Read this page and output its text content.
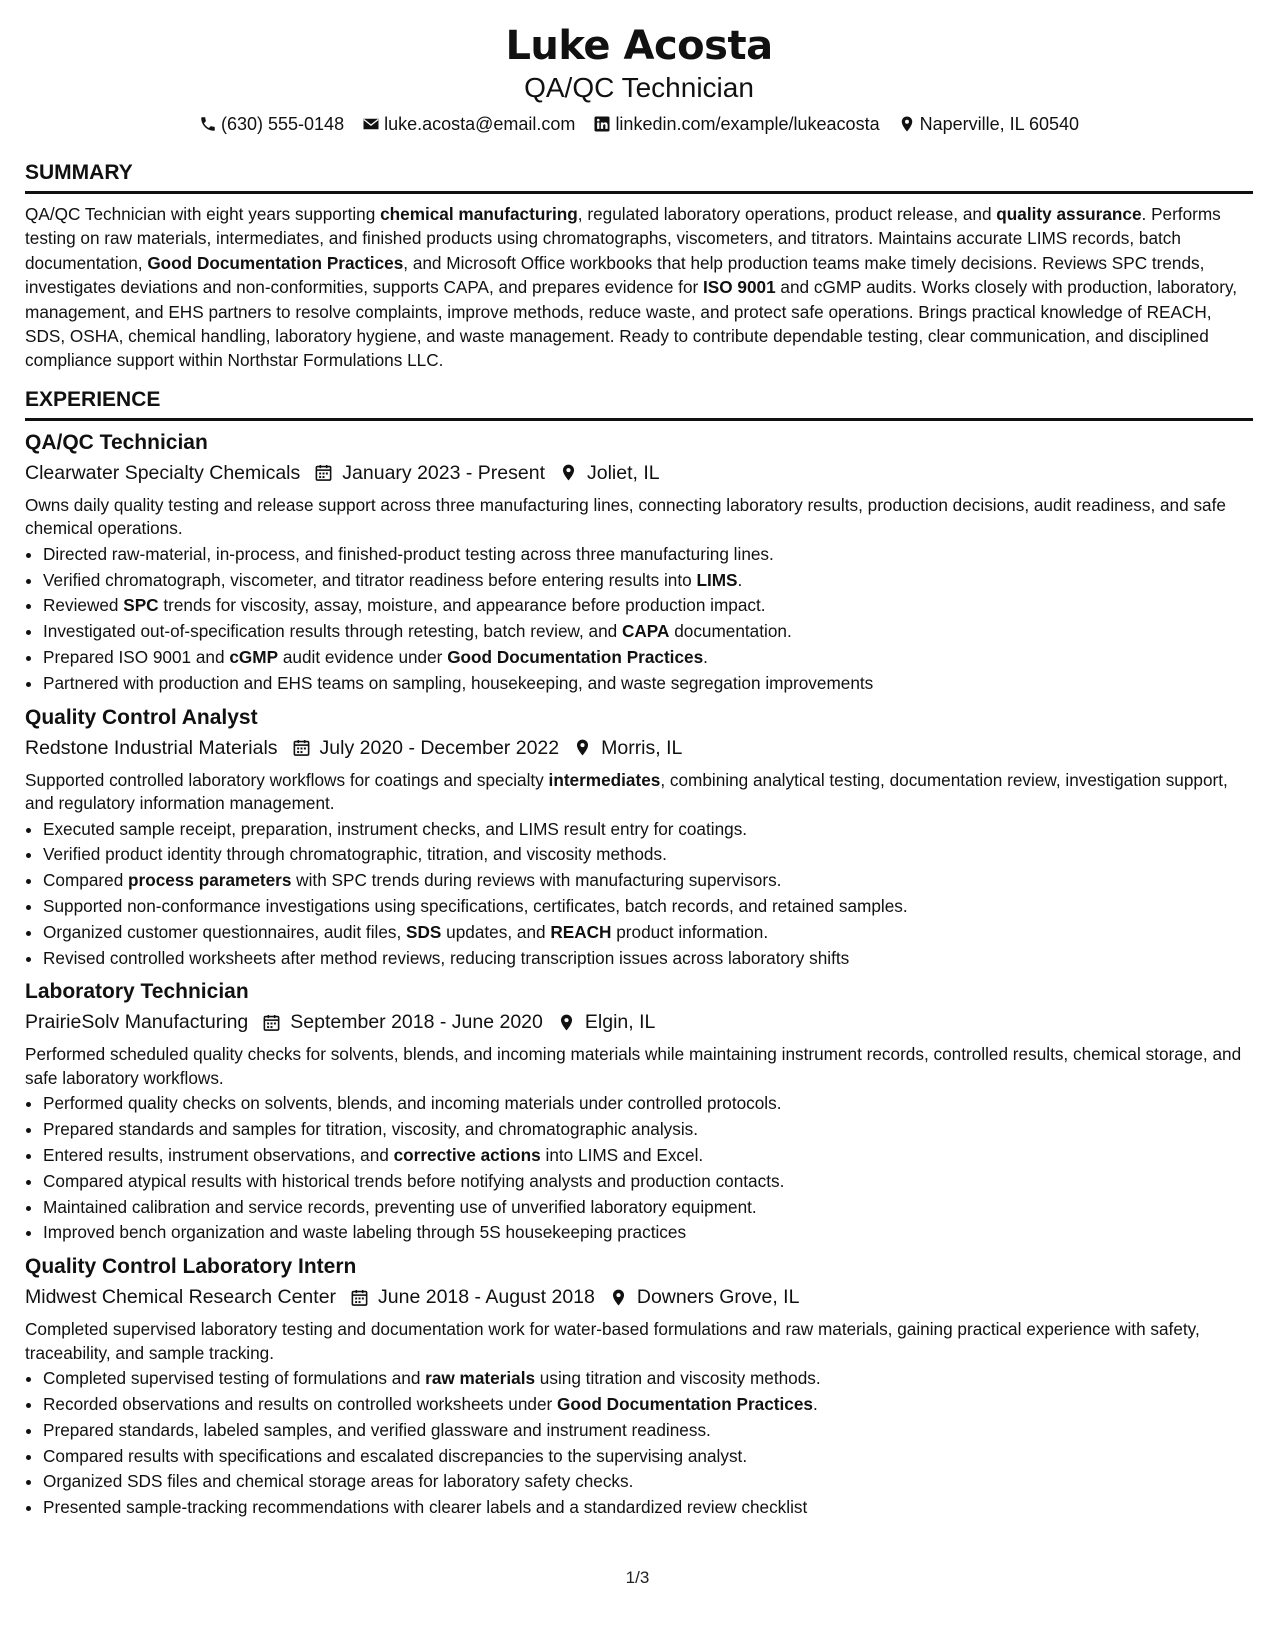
Luke Acosta
QA/QC Technician
(630) 555-0148 luke.acosta@email.com linkedin.com/example/lukeacosta Naperville, IL 60540
SUMMARY
QA/QC Technician with eight years supporting chemical manufacturing, regulated laboratory operations, product release, and quality assurance. Performs testing on raw materials, intermediates, and finished products using chromatographs, viscometers, and titrators. Maintains accurate LIMS records, batch documentation, Good Documentation Practices, and Microsoft Office workbooks that help production teams make timely decisions. Reviews SPC trends, investigates deviations and non-conformities, supports CAPA, and prepares evidence for ISO 9001 and cGMP audits. Works closely with production, laboratory, management, and EHS partners to resolve complaints, improve methods, reduce waste, and protect safe operations. Brings practical knowledge of REACH, SDS, OSHA, chemical handling, laboratory hygiene, and waste management. Ready to contribute dependable testing, clear communication, and disciplined compliance support within Northstar Formulations LLC.
EXPERIENCE
QA/QC Technician
Clearwater Specialty Chemicals January 2023 - Present Joliet, IL
Owns daily quality testing and release support across three manufacturing lines, connecting laboratory results, production decisions, audit readiness, and safe chemical operations.
• Directed raw-material, in-process, and finished-product testing across three manufacturing lines.
• Verified chromatograph, viscometer, and titrator readiness before entering results into LIMS.
• Reviewed SPC trends for viscosity, assay, moisture, and appearance before production impact.
• Investigated out-of-specification results through retesting, batch review, and CAPA documentation.
• Prepared ISO 9001 and cGMP audit evidence under Good Documentation Practices.
• Partnered with production and EHS teams on sampling, housekeeping, and waste segregation improvements
Quality Control Analyst
Redstone Industrial Materials July 2020 - December 2022 Morris, IL
Supported controlled laboratory workflows for coatings and specialty intermediates, combining analytical testing, documentation review, investigation support, and regulatory information management.
• Executed sample receipt, preparation, instrument checks, and LIMS result entry for coatings.
• Verified product identity through chromatographic, titration, and viscosity methods.
• Compared process parameters with SPC trends during reviews with manufacturing supervisors.
• Supported non-conformance investigations using specifications, certificates, batch records, and retained samples.
• Organized customer questionnaires, audit files, SDS updates, and REACH product information.
• Revised controlled worksheets after method reviews, reducing transcription issues across laboratory shifts
Laboratory Technician
PrairieSolv Manufacturing September 2018 - June 2020 Elgin, IL
Performed scheduled quality checks for solvents, blends, and incoming materials while maintaining instrument records, controlled results, chemical storage, and safe laboratory workflows.
• Performed quality checks on solvents, blends, and incoming materials under controlled protocols.
• Prepared standards and samples for titration, viscosity, and chromatographic analysis.
• Entered results, instrument observations, and corrective actions into LIMS and Excel.
• Compared atypical results with historical trends before notifying analysts and production contacts.
• Maintained calibration and service records, preventing use of unverified laboratory equipment.
• Improved bench organization and waste labeling through 5S housekeeping practices
Quality Control Laboratory Intern
Midwest Chemical Research Center June 2018 - August 2018 Downers Grove, IL
Completed supervised laboratory testing and documentation work for water-based formulations and raw materials, gaining practical experience with safety, traceability, and sample tracking.
• Completed supervised testing of formulations and raw materials using titration and viscosity methods.
• Recorded observations and results on controlled worksheets under Good Documentation Practices.
• Prepared standards, labeled samples, and verified glassware and instrument readiness.
• Compared results with specifications and escalated discrepancies to the supervising analyst.
• Organized SDS files and chemical storage areas for laboratory safety checks.
• Presented sample-tracking recommendations with clearer labels and a standardized review checklist
1/3
